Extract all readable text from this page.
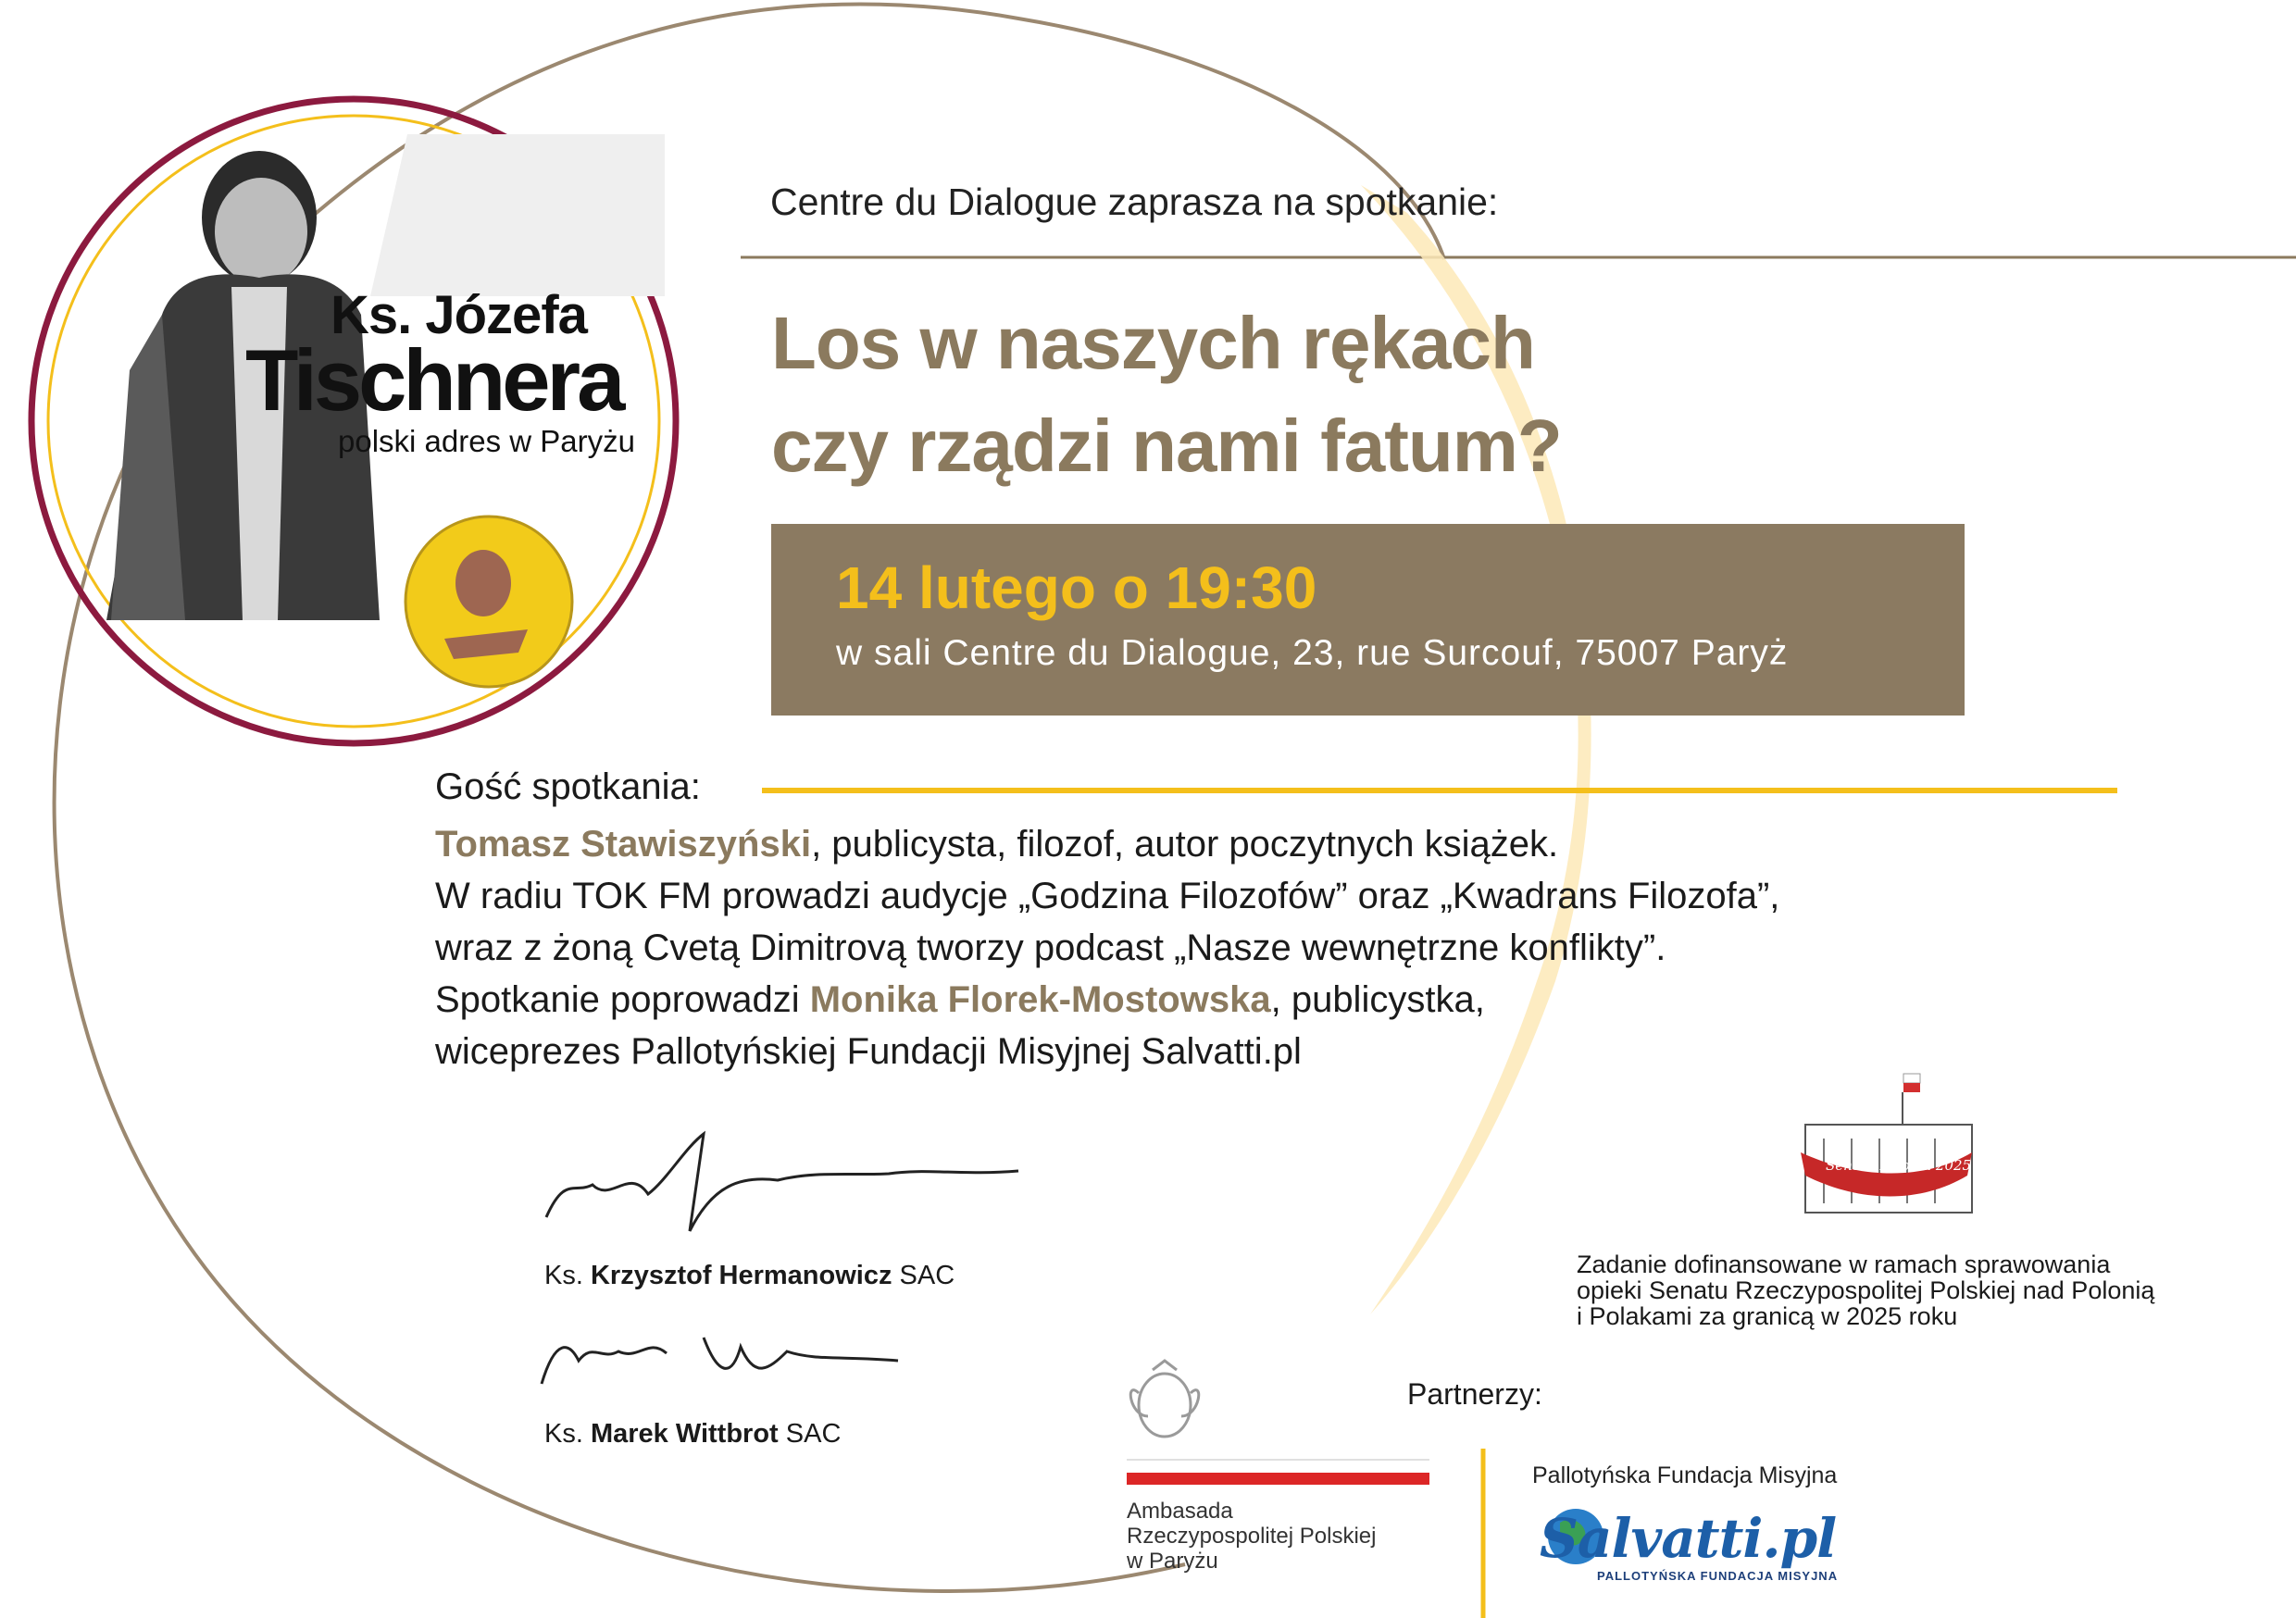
Ks. Józefa
Tischnera
polski adres w Paryżu
Centre du Dialogue zaprasza na spotkanie:
Los w naszych rękach
czy rządzi nami fatum?
14 lutego o 19:30
w sali Centre du Dialogue, 23, rue Surcouf, 75007 Paryż
Gość spotkania:
Tomasz Stawiszyński, publicysta, filozof, autor poczytnych książek.
W radiu TOK FM prowadzi audycje „Godzina Filozofów” oraz „Kwadrans Filozofa”,
wraz z żoną Cvetą Dimitrovą tworzy podcast „Nasze wewnętrzne konflikty”.
Spotkanie poprowadzi Monika Florek-Mostowska, publicystka,
wiceprezes Pallotyńskiej Fundacji Misyjnej Salvatti.pl
Ks. Krzysztof Hermanowicz SAC
Ks. Marek Wittbrot SAC
Senat - Polonia 2025
Zadanie dofinansowane w ramach sprawowania
opieki Senatu Rzeczypospolitej Polskiej nad Polonią
i Polakami za granicą w 2025 roku
Partnerzy:
Ambasada
Rzeczypospolitej Polskiej
w Paryżu
Pallotyńska Fundacja Misyjna
Salvatti.pl
PALLOTYŃSKA FUNDACJA MISYJNA
